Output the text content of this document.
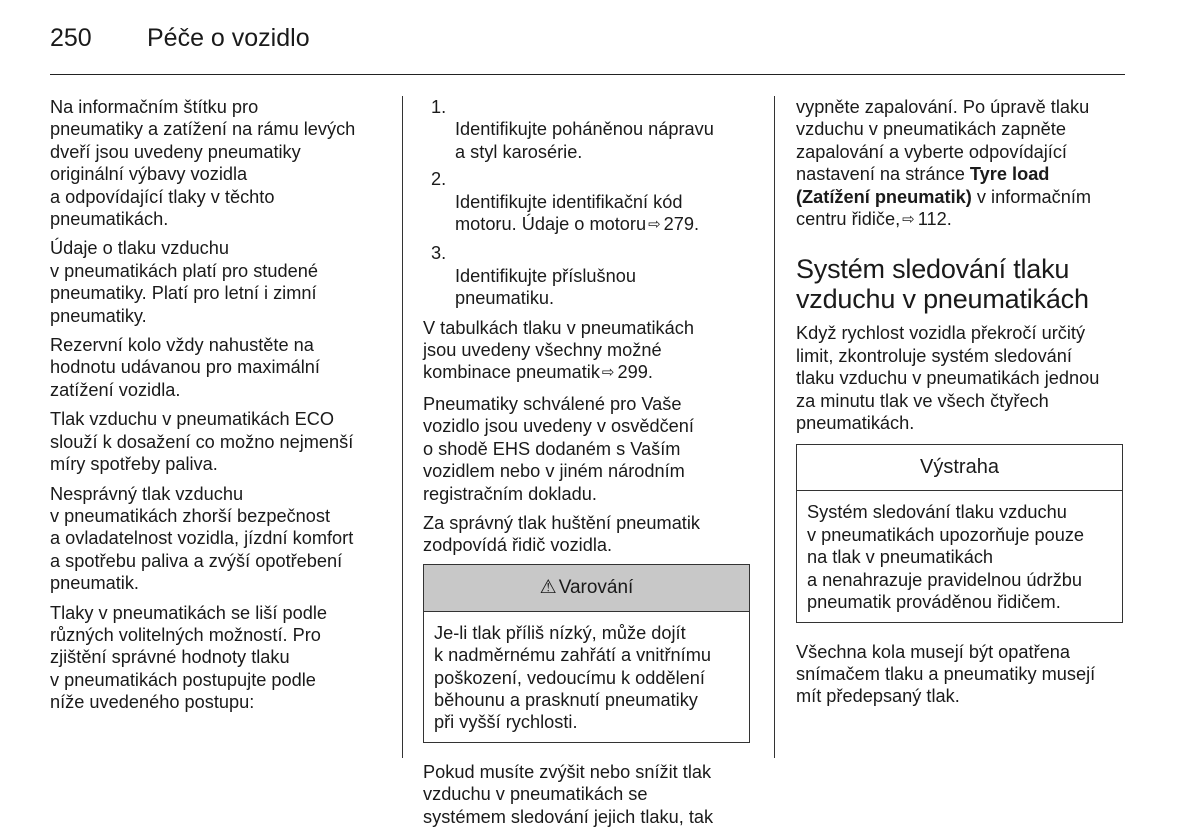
250 Péče o vozidlo

Na informačním štítku pro
pneumatiky a zatížení na rámu levých
dveří jsou uvedeny pneumatiky
originální výbavy vozidla
a odpovídající tlaky v těchto
pneumatikách.

Údaje o tlaku vzduchu
v pneumatikách platí pro studené
pneumatiky. Platí pro letní i zimní
pneumatiky.

Rezervní kolo vždy nahustěte na
hodnotu udávanou pro maximální
zatížení vozidla.

Tlak vzduchu v pneumatikách ECO
slouží k dosažení co možno nejmenší
míry spotřeby paliva.

Nesprávný tlak vzduchu
v pneumatikách zhorší bezpečnost
a ovladatelnost vozidla, jízdní komfort
a spotřebu paliva a zvýší opotřebení
pneumatik.

Tlaky v pneumatikách se liší podle
různých volitelných možností. Pro
zjištění správné hodnoty tlaku
v pneumatikách postupujte podle
níže uvedeného postupu:

1.
Identifikujte poháněnou nápravu
a styl karosérie.

2.
Identifikujte identifikační kód
motoru. Údaje o motoru ⇨ 279.

3.
Identifikujte příslušnou
pneumatiku.

V tabulkách tlaku v pneumatikách
jsou uvedeny všechny možné
kombinace pneumatik ⇨ 299.

Pneumatiky schválené pro Vaše
vozidlo jsou uvedeny v osvědčení
o shodě EHS dodaném s Vaším
vozidlem nebo v jiném národním
registračním dokladu.

Za správný tlak huštění pneumatik
zodpovídá řidič vozidla.

⚠ Varování
Je-li tlak příliš nízký, může dojít
k nadměrnému zahřátí a vnitřnímu
poškození, vedoucímu k oddělení
běhounu a prasknutí pneumatiky
při vyšší rychlosti.

Pokud musíte zvýšit nebo snížit tlak
vzduchu v pneumatikách se
systémem sledování jejich tlaku, tak

vypněte zapalování. Po úpravě tlaku
vzduchu v pneumatikách zapněte
zapalování a vyberte odpovídající
nastavení na stránce Tyre load
(Zatížení pneumatik) v informačním
centru řidiče, ⇨ 112.

Systém sledování tlaku
vzduchu v pneumatikách

Když rychlost vozidla překročí určitý
limit, zkontroluje systém sledování
tlaku vzduchu v pneumatikách jednou
za minutu tlak ve všech čtyřech
pneumatikách.

Výstraha
Systém sledování tlaku vzduchu
v pneumatikách upozorňuje pouze
na tlak v pneumatikách
a nenahrazuje pravidelnou údržbu
pneumatik prováděnou řidičem.

Všechna kola musejí být opatřena
snímačem tlaku a pneumatiky musejí
mít předepsaný tlak.
